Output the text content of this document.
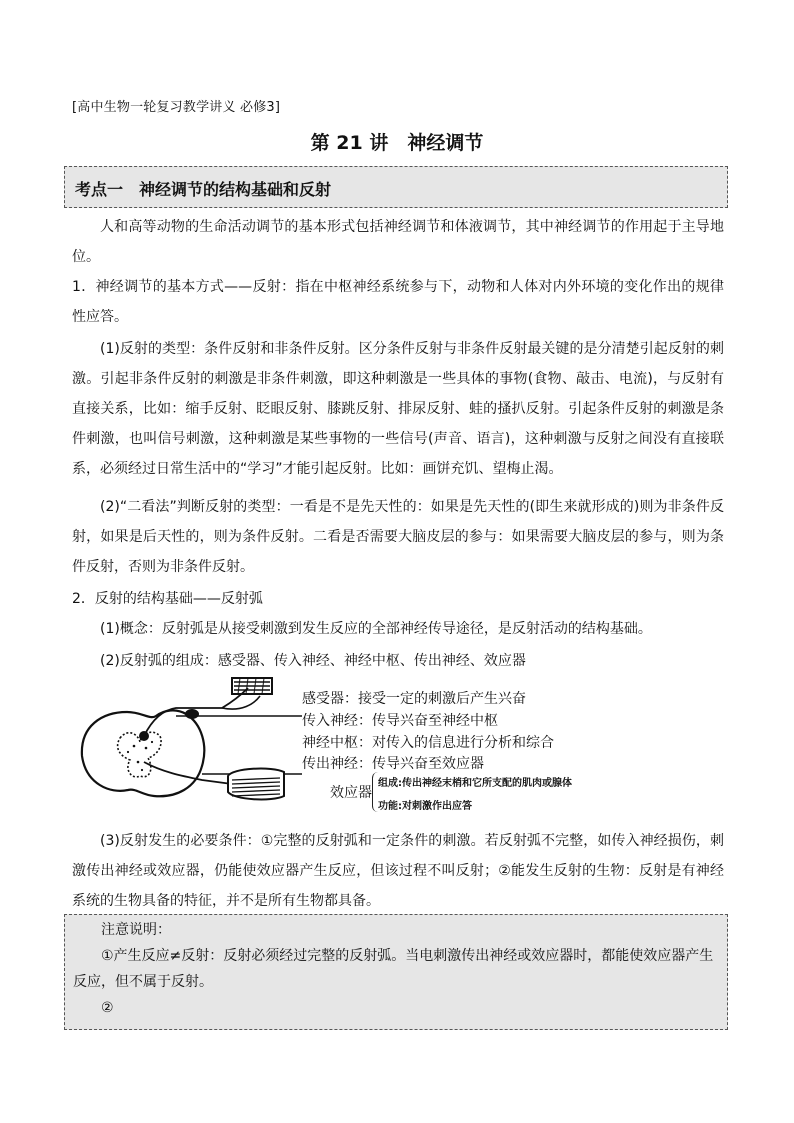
[高中生物一轮复习教学讲义 必修3]
第 21 讲　神经调节
考点一　神经调节的结构基础和反射

人和高等动物的生命活动调节的基本形式包括神经调节和体液调节，其中神经调节的作用起于主导地位。

1．神经调节的基本方式——反射：指在中枢神经系统参与下，动物和人体对内外环境的变化作出的规律性应答。

(1)反射的类型：条件反射和非条件反射。区分条件反射与非条件反射最关键的是分清楚引起反射的刺激。引起非条件反射的刺激是非条件刺激，即这种刺激是一些具体的事物(食物、敲击、电流)，与反射有直接关系，比如：缩手反射、眨眼反射、膝跳反射、排尿反射、蛙的搔扒反射。引起条件反射的刺激是条件刺激，也叫信号刺激，这种刺激是某些事物的一些信号(声音、语言)，这种刺激与反射之间没有直接联系，必须经过日常生活中的“学习”才能引起反射。比如：画饼充饥、望梅止渴。

(2)“二看法”判断反射的类型：一看是不是先天性的：如果是先天性的(即生来就形成的)则为非条件反射，如果是后天性的，则为条件反射。二看是否需要大脑皮层的参与：如果需要大脑皮层的参与，则为条件反射，否则为非条件反射。

2．反射的结构基础——反射弧

(1)概念：反射弧是从接受刺激到发生反应的全部神经传导途径，是反射活动的结构基础。

(2)反射弧的组成：感受器、传入神经、神经中枢、传出神经、效应器

感受器：接受一定的刺激后产生兴奋
传入神经：传导兴奋至神经中枢
神经中枢：对传入的信息进行分析和综合
传出神经：传导兴奋至效应器
效应器
组成:传出神经末梢和它所支配的肌肉或腺体
功能:对刺激作出应答

(3)反射发生的必要条件：①完整的反射弧和一定条件的刺激。若反射弧不完整，如传入神经损伤，刺激传出神经或效应器，仍能使效应器产生反应，但该过程不叫反射；②能发生反射的生物：反射是有神经系统的生物具备的特征，并不是所有生物都具备。

注意说明：

①产生反应≠反射：反射必须经过完整的反射弧。当电刺激传出神经或效应器时，都能使效应器产生反应，但不属于反射。

②
